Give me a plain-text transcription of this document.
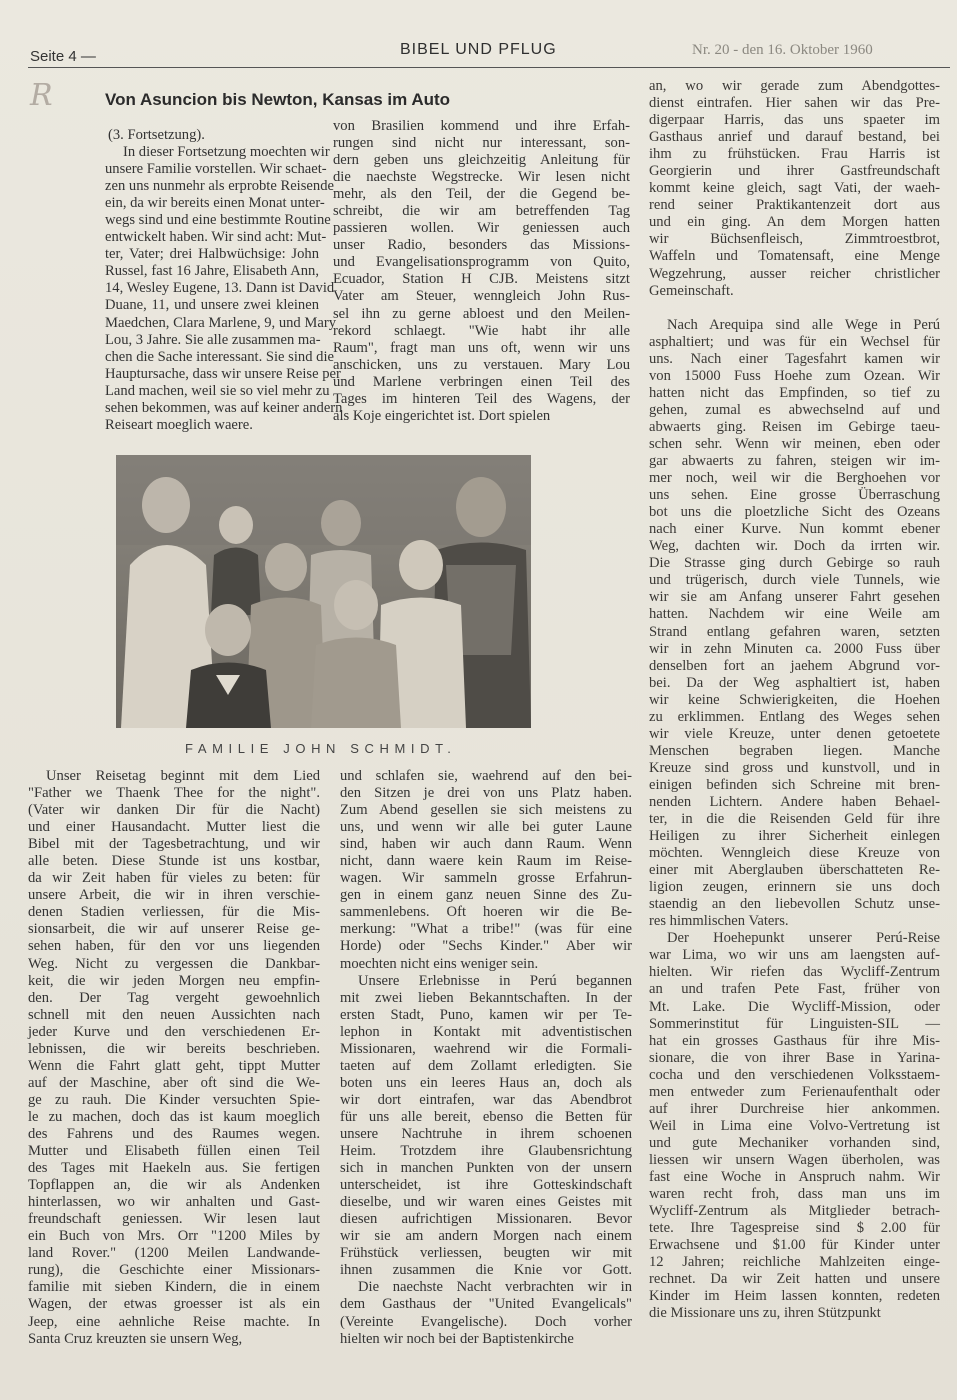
Seite 4 —	BIBEL UND PFLUG	Nr. 20 - den 16. Oktober 1960
R	Von Asuncion bis Newton, Kansas im Auto
(3. Fortsetzung).
In dieser Fortsetzung moechten wir
unsere Familie vorstellen. Wir schaet-
zen uns nunmehr als erprobte Reisende
ein, da wir bereits einen Monat unter-
wegs sind und eine bestimmte Routine
entwickelt haben. Wir sind acht: Mut-
ter, Vater; drei Halbwüchsige: John
Russel, fast 16 Jahre, Elisabeth Ann,
14, Wesley Eugene, 13. Dann ist David
Duane, 11, und unsere zwei kleinen
Maedchen, Clara Marlene, 9, und Mary
Lou, 3 Jahre. Sie alle zusammen ma-
chen die Sache interessant. Sie sind die
Hauptursache, dass wir unsere Reise per
Land machen, weil sie so viel mehr zu
sehen bekommen, was auf keiner andern
Reiseart moeglich waere.
von Brasilien kommend und ihre Erfah-
rungen sind nicht nur interessant, son-
dern geben uns gleichzeitig Anleitung für
die naechste Wegstrecke. Wir lesen nicht
mehr, als den Teil, der die Gegend be-
schreibt, die wir am betreffenden Tag
passieren wollen. Wir geniessen auch
unser Radio, besonders das Missions-
und Evangelisationsprogramm von Quito,
Ecuador, Station H CJB. Meistens sitzt
Vater am Steuer, wenngleich John Rus-
sel ihn zu gerne abloest und den Meilen-
rekord schlaegt. "Wie habt ihr alle
Raum", fragt man uns oft, wenn wir uns
anschicken, uns zu verstauen. Mary Lou
und Marlene verbringen einen Teil des
Tages im hinteren Teil des Wagens, der
als Koje eingerichtet ist. Dort spielen
FAMILIE JOHN SCHMIDT.
Unser Reisetag beginnt mit dem Lied
"Father we Thaenk Thee for the night".
(Vater wir danken Dir für die Nacht)
und einer Hausandacht. Mutter liest die
Bibel mit der Tagesbetrachtung, und wir
alle beten. Diese Stunde ist uns kostbar,
da wir Zeit haben für vieles zu beten: für
unsere Arbeit, die wir in ihren verschie-
denen Stadien verliessen, für die Mis-
sionsarbeit, die wir auf unserer Reise ge-
sehen haben, für den vor uns liegenden
Weg. Nicht zu vergessen die Dankbar-
keit, die wir jeden Morgen neu empfin-
den. Der Tag vergeht gewoehnlich
schnell mit den neuen Aussichten nach
jeder Kurve und den verschiedenen Er-
lebnissen, die wir bereits beschrieben.
Wenn die Fahrt glatt geht, tippt Mutter
auf der Maschine, aber oft sind die We-
ge zu rauh. Die Kinder versuchten Spie-
le zu machen, doch das ist kaum moeglich
des Fahrens und des Raumes wegen.
Mutter und Elisabeth füllen einen Teil
des Tages mit Haekeln aus. Sie fertigen
Topflappen an, die wir als Andenken
hinterlassen, wo wir anhalten und Gast-
freundschaft geniessen. Wir lesen laut
ein Buch von Mrs. Orr "1200 Miles by
land Rover." (1200 Meilen Landwande-
rung), die Geschichte einer Missionars-
familie mit sieben Kindern, die in einem
Wagen, der etwas groesser ist als ein
Jeep, eine aehnliche Reise machte. In
Santa Cruz kreuzten sie unsern Weg,
und schlafen sie, waehrend auf den bei-
den Sitzen je drei von uns Platz haben.
Zum Abend gesellen sie sich meistens zu
uns, und wenn wir alle bei guter Laune
sind, haben wir auch dann Raum. Wenn
nicht, dann waere kein Raum im Reise-
wagen. Wir sammeln grosse Erfahrun-
gen in einem ganz neuen Sinne des Zu-
sammenlebens. Oft hoeren wir die Be-
merkung: "What a tribe!" (was für eine
Horde) oder "Sechs Kinder." Aber wir
moechten nicht eins weniger sein.
Unsere Erlebnisse in Perú begannen
mit zwei lieben Bekanntschaften. In der
ersten Stadt, Puno, kamen wir per Te-
lephon in Kontakt mit adventistischen
Missionaren, waehrend wir die Formali-
taeten auf dem Zollamt erledigten. Sie
boten uns ein leeres Haus an, doch als
wir dort eintrafen, war das Abendbrot
für uns alle bereit, ebenso die Betten für
unsere Nachtruhe in ihrem schoenen
Heim. Trotzdem ihre Glaubensrichtung
sich in manchen Punkten von der unsern
unterscheidet, ist ihre Gotteskindschaft
dieselbe, und wir waren eines Geistes mit
diesen aufrichtigen Missionaren. Bevor
wir sie am andern Morgen nach einem
Frühstück verliessen, beugten wir mit
ihnen zusammen die Knie vor Gott.
Die naechste Nacht verbrachten wir in
dem Gasthaus der "United Evangelicals"
(Vereinte Evangelische). Doch vorher
hielten wir noch bei der Baptistenkirche
an, wo wir gerade zum Abendgottes-
dienst eintrafen. Hier sahen wir das Pre-
digerpaar Harris, das uns spaeter im
Gasthaus anrief und darauf bestand, bei
ihm zu frühstücken. Frau Harris ist
Georgierin und ihrer Gastfreundschaft
kommt keine gleich, sagt Vati, der waeh-
rend seiner Praktikantenzeit dort aus
und ein ging. An dem Morgen hatten
wir Büchsenfleisch, Zimmtroestbrot,
Waffeln und Tomatensaft, eine Menge
Wegzehrung, ausser reicher christlicher
Gemeinschaft.
Nach Arequipa sind alle Wege in Perú
asphaltiert; und was für ein Wechsel für
uns. Nach einer Tagesfahrt kamen wir
von 15000 Fuss Hoehe zum Ozean. Wir
hatten nicht das Empfinden, so tief zu
gehen, zumal es abwechselnd auf und
abwaerts ging. Reisen im Gebirge taeu-
schen sehr. Wenn wir meinen, eben oder
gar abwaerts zu fahren, steigen wir im-
mer noch, weil wir die Berghoehen vor
uns sehen. Eine grosse Überraschung
bot uns die ploetzliche Sicht des Ozeans
nach einer Kurve. Nun kommt ebener
Weg, dachten wir. Doch da irrten wir.
Die Strasse ging durch Gebirge so rauh
und trügerisch, durch viele Tunnels, wie
wir sie am Anfang unserer Fahrt gesehen
hatten. Nachdem wir eine Weile am
Strand entlang gefahren waren, setzten
wir in zehn Minuten ca. 2000 Fuss über
denselben fort an jaehem Abgrund vor-
bei. Da der Weg asphaltiert ist, haben
wir keine Schwierigkeiten, die Hoehen
zu erklimmen. Entlang des Weges sehen
wir viele Kreuze, unter denen getoetete
Menschen begraben liegen. Manche
Kreuze sind gross und kunstvoll, und in
einigen befinden sich Schreine mit bren-
nenden Lichtern. Andere haben Behael-
ter, in die die Reisenden Geld für ihre
Heiligen zu ihrer Sicherheit einlegen
möchten. Wenngleich diese Kreuze von
einer mit Aberglauben überschatteten Re-
ligion zeugen, erinnern sie uns doch
staendig an den liebevollen Schutz unse-
res himmlischen Vaters.
Der Hoehepunkt unserer Perú-Reise
war Lima, wo wir uns am laengsten auf-
hielten. Wir riefen das Wycliff-Zentrum
an und trafen Pete Fast, früher von
Mt. Lake. Die Wycliff-Mission, oder
Sommerinstitut für Linguisten-SIL —
hat ein grosses Gasthaus für ihre Mis-
sionare, die von ihrer Base in Yarina-
cocha und den verschiedenen Volksstaem-
men entweder zum Ferienaufenthalt oder
auf ihrer Durchreise hier ankommen.
Weil in Lima eine Volvo-Vertretung ist
und gute Mechaniker vorhanden sind,
liessen wir unsern Wagen überholen, was
fast eine Woche in Anspruch nahm. Wir
waren recht froh, dass man uns im
Wycliff-Zentrum als Mitglieder betrach-
tete. Ihre Tagespreise sind $ 2.00 für
Erwachsene und $1.00 für Kinder unter
12 Jahren; reichliche Mahlzeiten einge-
rechnet. Da wir Zeit hatten und unsere
Kinder im Heim lassen konnten, redeten
die Missionare uns zu, ihren Stützpunkt
